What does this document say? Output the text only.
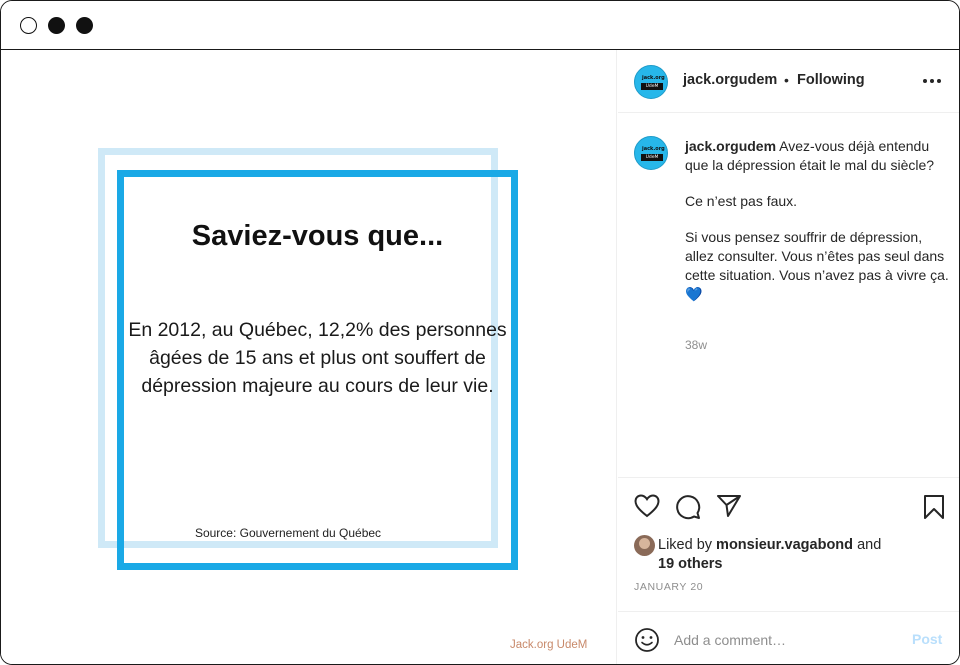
Saviez-vous que...
En 2012, au Québec, 12,2% des personnes âgées de 15 ans et plus ont souffert de dépression majeure au cours de leur vie.
Source: Gouvernement du Québec
Jack.org UdeM
jack.org
UdeM	jack.orgudem • Following
jack.org
UdeM

jack.orgudem Avez-vous déjà entendu que la dépression était le mal du siècle?

Ce n’est pas faux.

Si vous pensez souffrir de dépression, allez consulter. Vous n’êtes pas seul dans cette situation. Vous n’avez pas à vivre ça.💙

38w
Liked by monsieur.vagabond and
19 others
JANUARY 20
Add a comment…
Post
